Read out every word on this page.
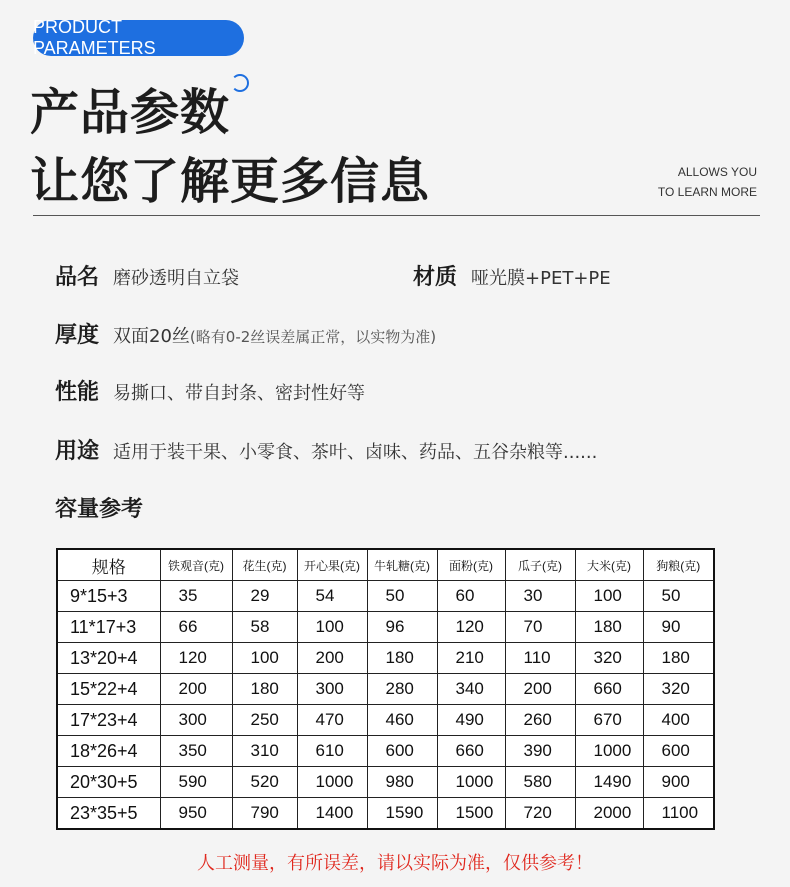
PRODUCT PARAMETERS
产品参数
让您了解更多信息	ALLOWS YOU
TO LEARN MORE
品名 磨砂透明自立袋	材质 哑光膜+PET+PE
厚度 双面20丝 (略有0-2丝误差属正常，以实物为准)
性能 易撕口、带自封条、密封性好等
用途 适用于装干果、小零食、茶叶、卤味、药品、五谷杂粮等......
容量参考
规格	铁观音(克)	花生(克)	开心果(克)	牛轧糖(克)	面粉(克)	瓜子(克)	大米(克)	狗粮(克)
9*15+3	35	29	54	50	60	30	100	50
11*17+3	66	58	100	96	120	70	180	90
13*20+4	120	100	200	180	210	110	320	180
15*22+4	200	180	300	280	340	200	660	320
17*23+4	300	250	470	460	490	260	670	400
18*26+4	350	310	610	600	660	390	1000	600
20*30+5	590	520	1000	980	1000	580	1490	900
23*35+5	950	790	1400	1590	1500	720	2000	1100
人工测量，有所误差，请以实际为准，仅供参考！
